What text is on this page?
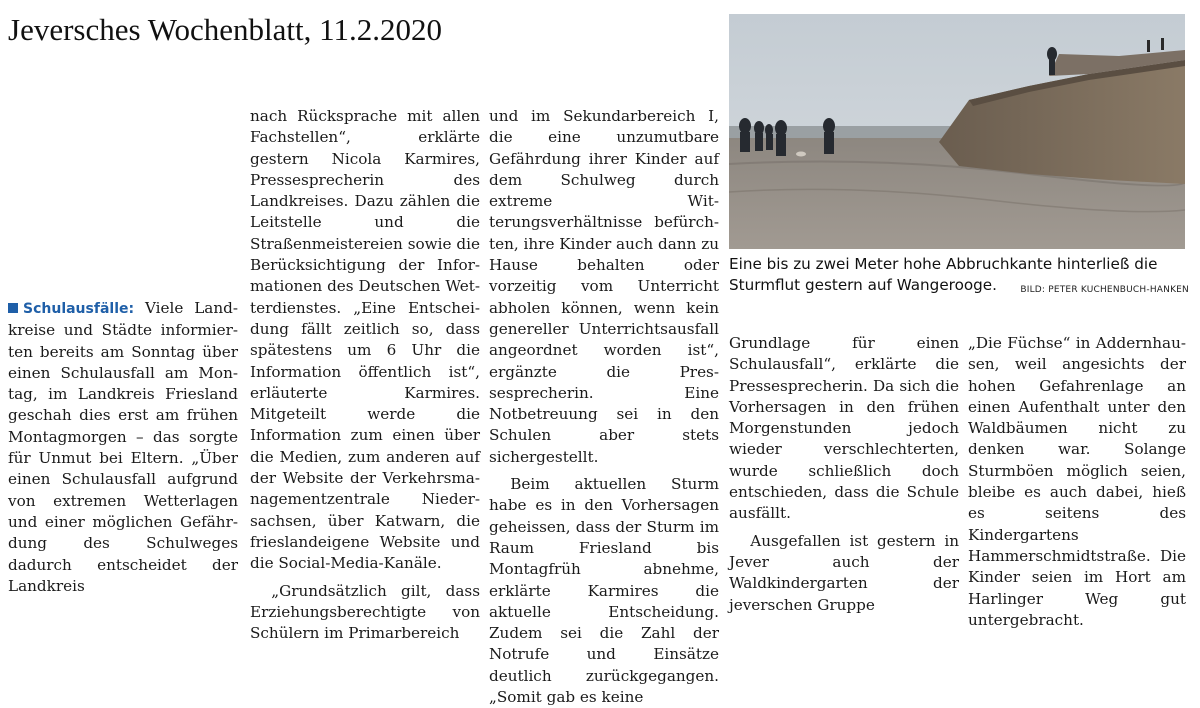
Jeversches Wochenblatt, 11.2.2020

Schulausfälle: Viele Landkreise und Städte informierten bereits am Sonntag über einen Schulausfall am Montag, im Landkreis Friesland geschah dies erst am frühen Montagmorgen – das sorgte für Unmut bei Eltern. „Über einen Schulausfall aufgrund von extremen Wetterlagen und einer möglichen Gefährdung des Schulweges dadurch entscheidet der Landkreis

nach Rücksprache mit allen Fachstellen“, erklärte gestern Nicola Karmires, Pressesprecherin des Landkreises. Dazu zählen die Leitstelle und die Straßenmeistereien sowie die Berücksichtigung der Informationen des Deutschen Wetterdienstes. „Eine Entscheidung fällt zeitlich so, dass spätestens um 6 Uhr die Information öffentlich ist“, erläuterte Karmires. Mitgeteilt werde die Information zum einen über die Medien, zum anderen auf der Website der Verkehrsmanagementzentrale Niedersachsen, über Katwarn, die frieslandeigene Website und die Social-Media-Kanäle.

„Grundsätzlich gilt, dass Erziehungsberechtigte von Schülern im Primarbereich

und im Sekundarbereich I, die eine unzumutbare Gefährdung ihrer Kinder auf dem Schulweg durch extreme Witterungsverhältnisse befürchten, ihre Kinder auch dann zu Hause behalten oder vorzeitig vom Unterricht abholen können, wenn kein genereller Unterrichtsausfall angeordnet worden ist“, ergänzte die Pressesprecherin. Eine Notbetreuung sei in den Schulen aber stets sichergestellt.

Beim aktuellen Sturm habe es in den Vorhersagen geheissen, dass der Sturm im Raum Friesland bis Montagfrüh abnehme, erklärte Karmires die aktuelle Entscheidung. Zudem sei die Zahl der Notrufe und Einsätze deutlich zurückgegangen. „Somit gab es keine

Eine bis zu zwei Meter hohe Abbruchkante hinterließ die Sturmflut gestern auf Wangerooge.	BILD: PETER KUCHENBUCH-HANKEN

Grundlage für einen Schulausfall“, erklärte die Pressesprecherin. Da sich die Vorhersagen in den frühen Morgenstunden jedoch wieder verschlechterten, wurde schließlich doch entschieden, dass die Schule ausfällt.

Ausgefallen ist gestern in Jever auch der Waldkindergarten der jeverschen Gruppe

„Die Füchse“ in Addernhausen, weil angesichts der hohen Gefahrenlage an einen Aufenthalt unter den Waldbäumen nicht zu denken war. Solange Sturmböen möglich seien, bleibe es auch dabei, hieß es seitens des Kindergartens Hammerschmidtstraße. Die Kinder seien im Hort am Harlinger Weg gut untergebracht.
